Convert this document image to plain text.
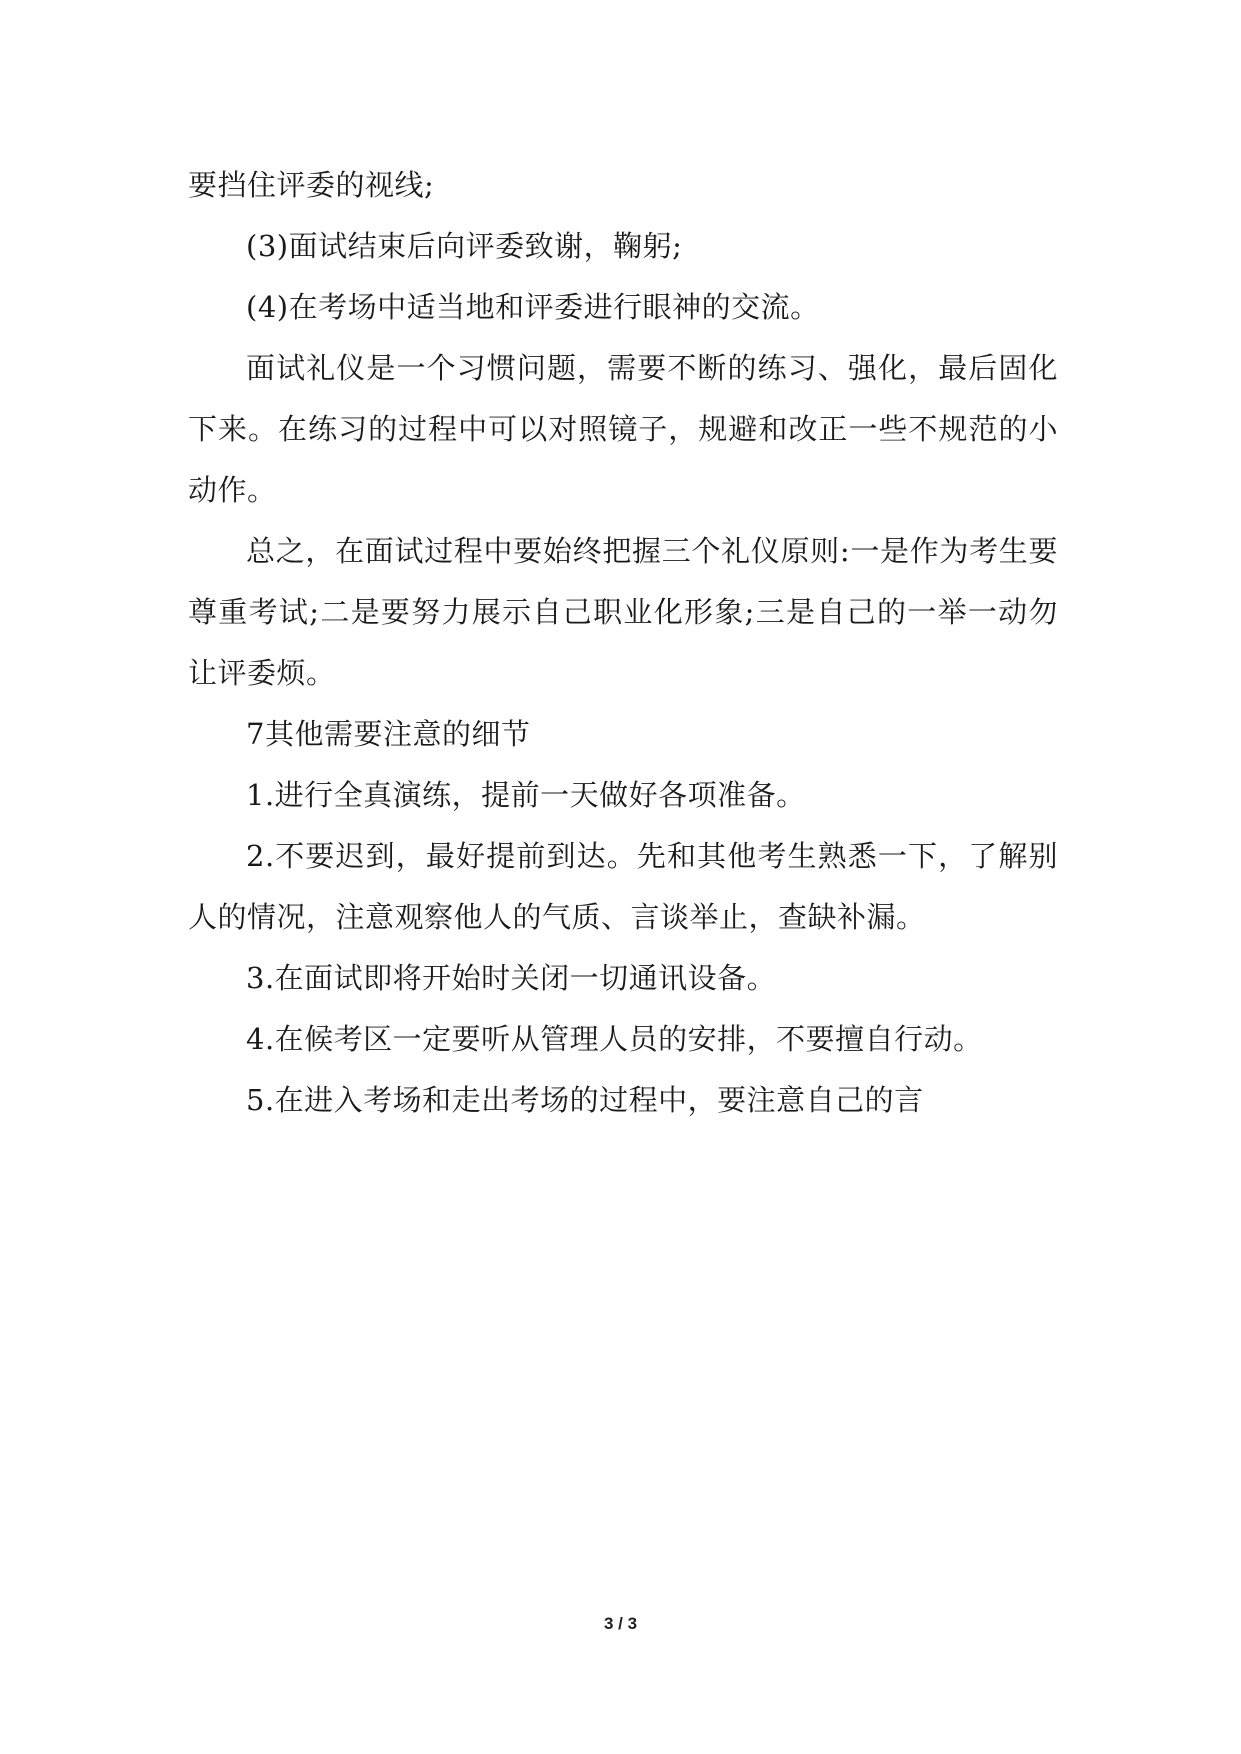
要挡住评委的视线;

(3)面试结束后向评委致谢，鞠躬;

(4)在考场中适当地和评委进行眼神的交流。

面试礼仪是一个习惯问题，需要不断的练习、强化，最后固化下来。在练习的过程中可以对照镜子，规避和改正一些不规范的小动作。

总之，在面试过程中要始终把握三个礼仪原则:一是作为考生要尊重考试;二是要努力展示自己职业化形象;三是自己的一举一动勿让评委烦。

7其他需要注意的细节

1.进行全真演练，提前一天做好各项准备。

2.不要迟到，最好提前到达。先和其他考生熟悉一下，了解别人的情况，注意观察他人的气质、言谈举止，查缺补漏。

3.在面试即将开始时关闭一切通讯设备。

4.在候考区一定要听从管理人员的安排，不要擅自行动。

5.在进入考场和走出考场的过程中，要注意自己的言

3 / 3
